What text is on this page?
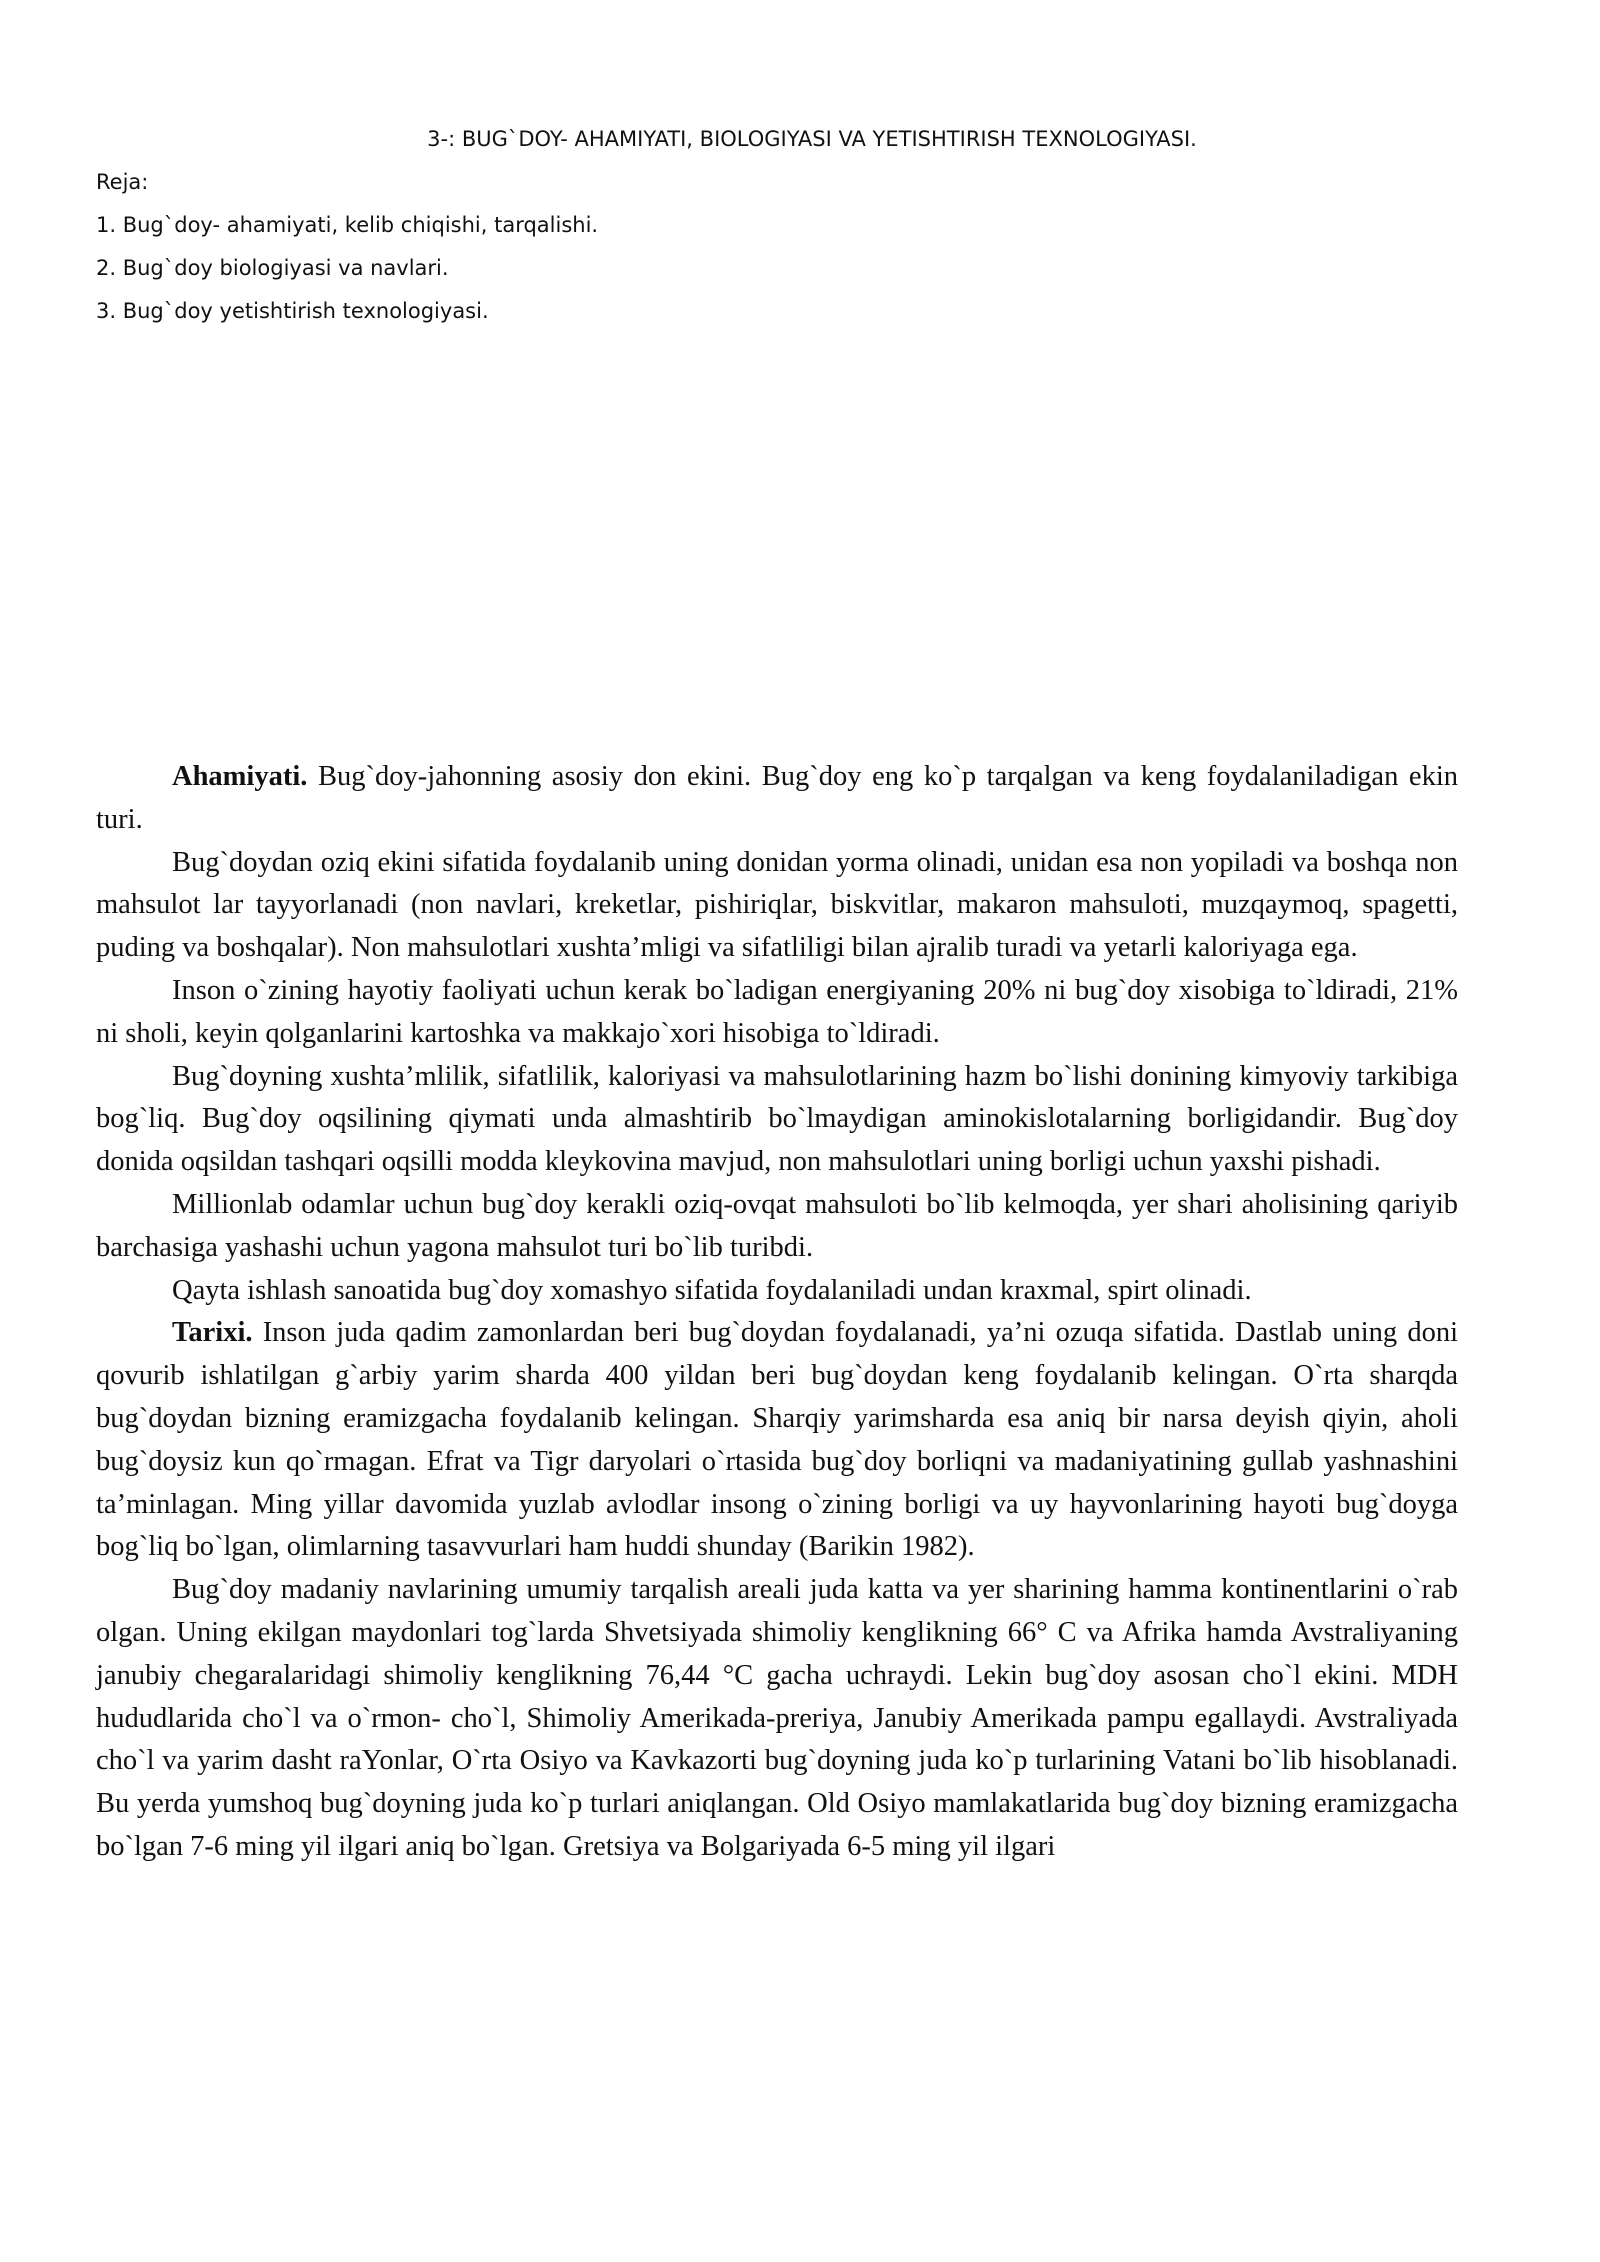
3-: BUG`DOY- AHAMIYATI, BIOLOGIYASI VA YETISHTIRISH TEXNOLOGIYASI.

Reja:

1. Bug`doy- ahamiyati, kelib chiqishi, tarqalishi.
2. Bug`doy biologiyasi va navlari.
3. Bug`doy yetishtirish texnologiyasi.

Ahamiyati. Bug`doy-jahonning asosiy don ekini. Bug`doy eng ko`p tarqalgan va keng foydalaniladigan ekin turi.

Bug`doydan oziq ekini sifatida foydalanib uning donidan yorma olinadi, unidan esa non yopiladi va boshqa non mahsulot lar tayyorlanadi (non navlari, kreketlar, pishiriqlar, biskvitlar, makaron mahsuloti, muzqaymoq, spagetti, puding va boshqalar). Non mahsulotlari xushta’mligi va sifatliligi bilan ajralib turadi va yetarli kaloriyaga ega.

Inson o`zining hayotiy faoliyati uchun kerak bo`ladigan energiyaning 20% ni bug`doy xisobiga to`ldiradi, 21% ni sholi, keyin qolganlarini kartoshka va makkajo`xori hisobiga to`ldiradi.

Bug`doyning xushta’mlilik, sifatlilik, kaloriyasi va mahsulotlarining hazm bo`lishi donining kimyoviy tarkibiga bog`liq. Bug`doy oqsilining qiymati unda almashtirib bo`lmaydigan aminokislotalarning borligidandir. Bug`doy donida oqsildan tashqari oqsilli modda kleykovina mavjud, non mahsulotlari uning borligi uchun yaxshi pishadi.

Millionlab odamlar uchun bug`doy kerakli oziq-ovqat mahsuloti bo`lib kelmoqda, yer shari aholisining qariyib barchasiga yashashi uchun yagona mahsulot turi bo`lib turibdi.

Qayta ishlash sanoatida bug`doy xomashyo sifatida foydalaniladi undan kraxmal, spirt olinadi.

Tarixi. Inson juda qadim zamonlardan beri bug`doydan foydalanadi, ya’ni ozuqa sifatida. Dastlab uning doni qovurib ishlatilgan g`arbiy yarim sharda 400 yildan beri bug`doydan keng foydalanib kelingan. O`rta sharqda bug`doydan bizning eramizgacha foydalanib kelingan. Sharqiy yarimsharda esa aniq bir narsa deyish qiyin, aholi bug`doysiz kun qo`rmagan. Efrat va Tigr daryolari o`rtasida bug`doy borliqni va madaniyatining gullab yashnashini ta’minlagan. Ming yillar davomida yuzlab avlodlar insong o`zining borligi va uy hayvonlarining hayoti bug`doyga bog`liq bo`lgan, olimlarning tasavvurlari ham huddi shunday (Barikin 1982).

Bug`doy madaniy navlarining umumiy tarqalish areali juda katta va yer sharining hamma kontinentlarini o`rab olgan. Uning ekilgan maydonlari tog`larda Shvetsiyada shimoliy kenglikning 66° C va Afrika hamda Avstraliyaning janubiy chegaralaridagi shimoliy kenglikning 76,44 °C gacha uchraydi. Lekin bug`doy asosan cho`l ekini. MDH hududlarida cho`l va o`rmon- cho`l, Shimoliy Amerikada-preriya, Janubiy Amerikada pampu egallaydi. Avstraliyada cho`l va yarim dasht raYonlar, O`rta Osiyo va Kavkazorti bug`doyning juda ko`p turlarining Vatani bo`lib hisoblanadi. Bu yerda yumshoq bug`doyning juda ko`p turlari aniqlangan. Old Osiyo mamlakatlarida bug`doy bizning eramizgacha bo`lgan 7-6 ming yil ilgari aniq bo`lgan. Gretsiya va Bolgariyada 6-5 ming yil ilgari
